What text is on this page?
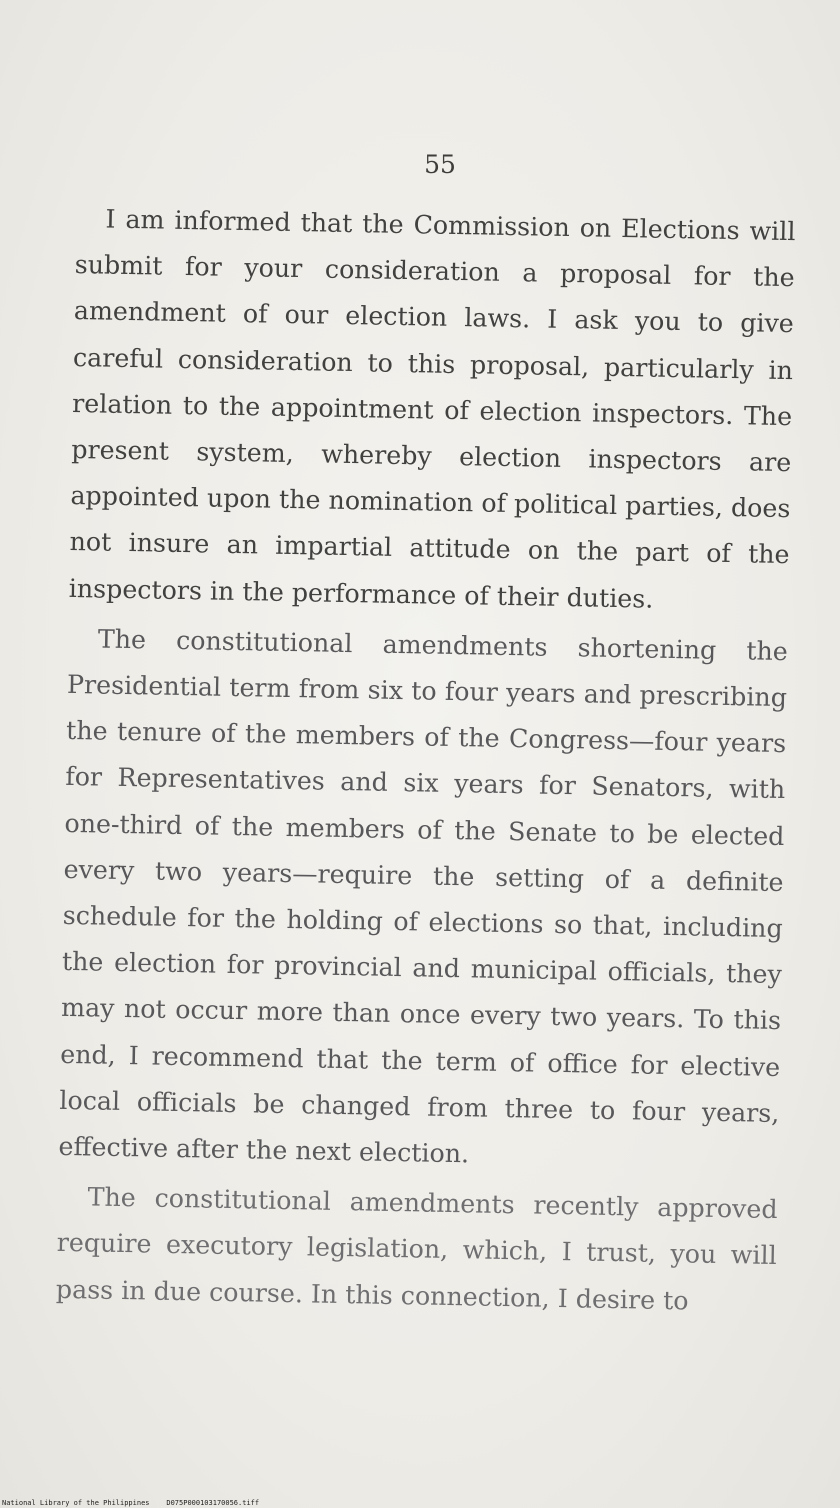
55

I am informed that the Commission on Elections will submit for your consideration a proposal for the amendment of our election laws. I ask you to give careful consideration to this proposal, particularly in relation to the appointment of election inspectors. The present system, whereby election inspectors are appointed upon the nomination of political parties, does not insure an impartial attitude on the part of the inspectors in the performance of their duties.

The constitutional amendments shortening the Presidential term from six to four years and prescribing the tenure of the members of the Congress—four years for Representatives and six years for Senators, with one-third of the members of the Senate to be elected every two years—require the setting of a definite schedule for the holding of elections so that, including the election for provincial and municipal officials, they may not occur more than once every two years. To this end, I recommend that the term of office for elective local officials be changed from three to four years, effective after the next election.

The constitutional amendments recently approved require executory legislation, which, I trust, you will pass in due course. In this connection, I desire to

National Library of the Philippines D075P000103170056.tiff
